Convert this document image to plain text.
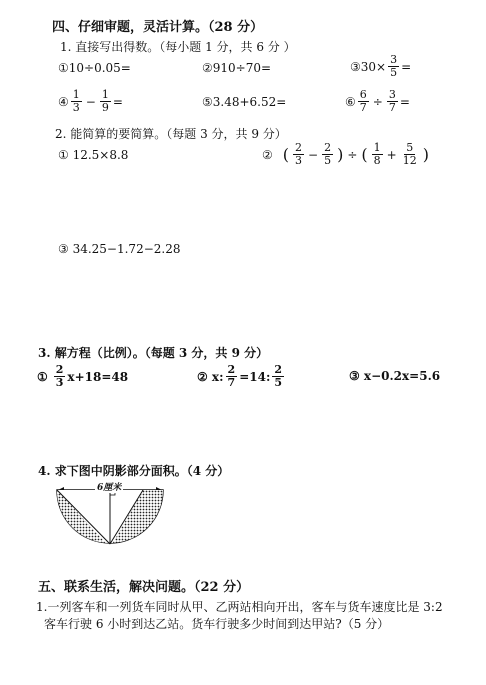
四、仔细审题，灵活计算。（28 分）
1. 直接写出得数。（每小题 1 分，共 6 分 ）
①10÷0.05=	②910÷70=	③30× $\frac{3}{5}$ =
④ $\frac{1}{3} - \frac{1}{9}$ =	⑤3.48+6.52=	⑥ $\frac{6}{7} \div \frac{3}{7}$ =
2. 能简算的要简算。（每题 3 分，共 9 分）
① 12.5×8.8	② ( $\frac{2}{3} - \frac{2}{5}$ ) ÷ ( $\frac{1}{8} + \frac{5}{12}$ )
③ 34.25−1.72−2.28
3. 解方程（比例）。（每题 3 分，共 9 分）
① $\frac{2}{3} x+18=48$	② x: $\frac{2}{7} =14$: $\frac{2}{5}$	③ x−0.2x=5.6
4. 求下图中阴影部分面积。（4 分）
6厘米
五、联系生活，解决问题。（22 分）
1.一列客车和一列货车同时从甲、乙两站相向开出，客车与货车速度比是 3:2
客车行驶 6 小时到达乙站。货车行驶多少时间到达甲站?（5 分）
